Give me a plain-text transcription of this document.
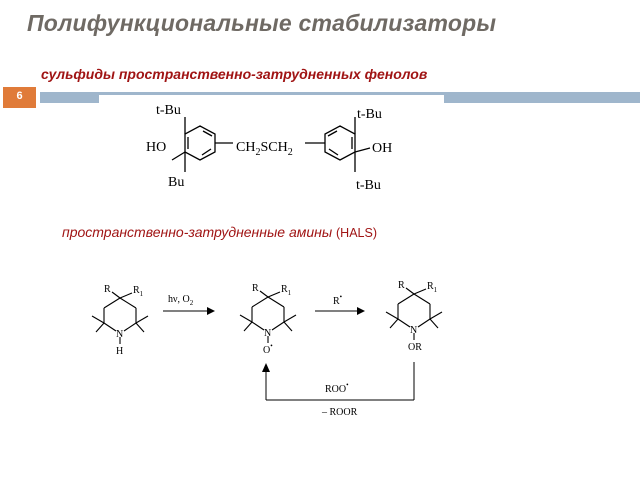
Полифункциональные стабилизаторы
сульфиды пространственно-затрудненных фенолов
6
t-Bu
HO
Bu
$CH_2SCH_2$
t-Bu
OH
t-Bu
пространственно-затрудненные амины (HALS)
R $R_1$
N
H
hν, $O_2$
R $R_1$
N
O•
R•
R $R_1$
N
OR
ROO•
– ROOR
